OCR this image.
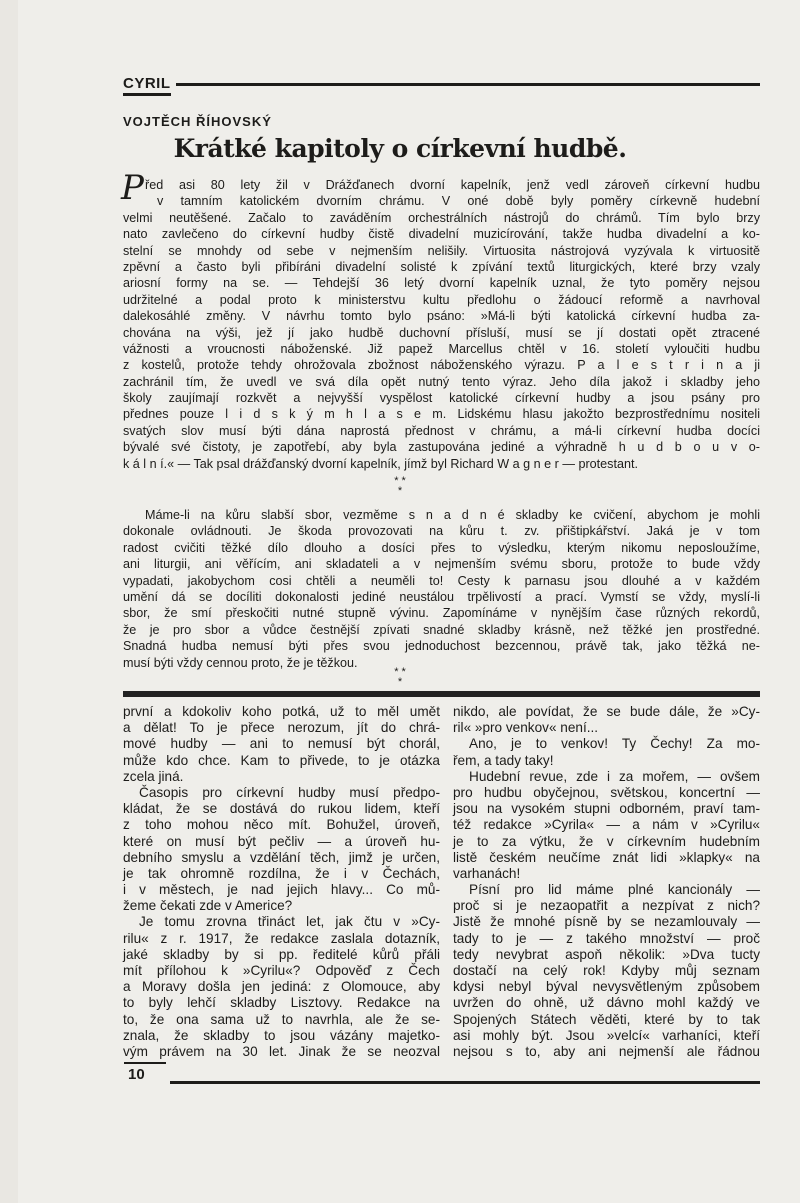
CYRIL
VOJTĚCH ŘÍHOVSKÝ
Krátké kapitoly o církevní hudbě.
P řed asi 80 lety žil v Drážďanech dvorní kapelník, jenž vedl zároveň církevní hudbu
v tamním katolickém dvorním chrámu. V oné době byly poměry církevně hudební
velmi neutěšené. Začalo to zaváděním orchestrálních nástrojů do chrámů. Tím bylo brzy
nato zavlečeno do církevní hudby čistě divadelní muzicírování, takže hudba divadelní a ko-
stelní se mnohdy od sebe v nejmenším nelišily. Virtuosita nástrojová vyzývala k virtuositě
zpěvní a často byli přibíráni divadelní solisté k zpívání textů liturgických, které brzy vzaly
ariosní formy na se. — Tehdejší 36 letý dvorní kapelník uznal, že tyto poměry nejsou
udržitelné a podal proto k ministerstvu kultu předlohu o žádoucí reformě a navrhoval
dalekosáhlé změny. V návrhu tomto bylo psáno: »Má-li býti katolická církevní hudba za-
chována na výši, jež jí jako hudbě duchovní přísluší, musí se jí dostati opět ztracené
vážnosti a vroucnosti náboženské. Již papež Marcellus chtěl v 16. století vyloučiti hudbu
z kostelů, protože tehdy ohrožovala zbožnost náboženského výrazu. P a l e s t r i n a ji
zachránil tím, že uvedl ve svá díla opět nutný tento výraz. Jeho díla jakož i skladby jeho
školy zaujímají rozkvět a nejvyšší vyspělost katolické církevní hudby a jsou psány pro
přednes pouze l i d s k ý m h l a s e m. Lidskému hlasu jakožto bezprostřednímu nositeli
svatých slov musí býti dána naprostá přednost v chrámu, a má-li církevní hudba docíci
bývalé své čistoty, je zapotřebí, aby byla zastupována jediné a výhradně h u d b o u v o-
k á l n í.« — Tak psal drážďanský dvorní kapelník, jímž byl Richard W a g n e r — protestant.
* *
*
Máme-li na kůru slabší sbor, vezměme s n a d n é skladby ke cvičení, abychom je mohli
dokonale ovládnouti. Je škoda provozovati na kůru t. zv. přištipkářství. Jaká je v tom
radost cvičiti těžké dílo dlouho a dosíci přes to výsledku, kterým nikomu neposloužíme,
ani liturgii, ani věřícím, ani skladateli a v nejmenším svému sboru, protože to bude vždy
vypadati, jakobychom cosi chtěli a neuměli to! Cesty k parnasu jsou dlouhé a v každém
umění dá se docíliti dokonalosti jediné neustálou trpělivostí a prací. Vymstí se vždy, myslí-li
sbor, že smí přeskočiti nutné stupně vývinu. Zapomínáme v nynějším čase různých rekordů,
že je pro sbor a vůdce čestnější zpívati snadné skladby krásně, než těžké jen prostředné.
Snadná hudba nemusí býti přes svou jednoduchost bezcennou, právě tak, jako těžká ne-
musí býti vždy cennou proto, že je těžkou.
* *
*
první a kdokoliv koho potká, už to měl umět
a dělat! To je přece nerozum, jít do chrá-
mové hudby — ani to nemusí být chorál,
může kdo chce. Kam to přivede, to je otázka
zcela jiná.
Časopis pro církevní hudby musí předpo-
kládat, že se dostává do rukou lidem, kteří
z toho mohou něco mít. Bohužel, úroveň,
které on musí být pečliv — a úroveň hu-
debního smyslu a vzdělání těch, jimž je určen,
je tak ohromně rozdílna, že i v Čechách,
i v městech, je nad jejich hlavy... Co mů-
žeme čekati zde v Americe?
Je tomu zrovna třináct let, jak čtu v »Cy-
rilu« z r. 1917, že redakce zaslala dotazník,
jaké skladby by si pp. ředitelé kůrů přáli
mít přílohou k »Cyrilu«? Odpověď z Čech
a Moravy došla jen jediná: z Olomouce, aby
to byly lehčí skladby Lisztovy. Redakce na
to, že ona sama už to navrhla, ale že se-
znala, že skladby to jsou vázány majetko-
vým právem na 30 let. Jinak že se neozval
nikdo, ale povídat, že se bude dále, že »Cy-
ril« »pro venkov« není...
Ano, je to venkov! Ty Čechy! Za mo-
řem, a tady taky!
Hudební revue, zde i za mořem, — ovšem
pro hudbu obyčejnou, světskou, koncertní —
jsou na vysokém stupni odborném, praví tam-
též redakce »Cyrila« — a nám v »Cyrilu«
je to za výtku, že v církevním hudebním
listě českém neučíme znát lidi »klapky« na
varhanách!
Písní pro lid máme plné kancionály —
proč si je nezaopatřit a nezpívat z nich?
Jistě že mnohé písně by se nezamlouvaly —
tady to je — z takého množství — proč
tedy nevybrat aspoň několik: »Dva tucty
dostačí na celý rok! Kdyby můj seznam
kdysi nebyl býval nevysvětleným způsobem
uvržen do ohně, už dávno mohl každý ve
Spojených Státech věděti, které by to tak
asi mohly být. Jsou »velcí« varhaníci, kteří
nejsou s to, aby ani nejmenší ale řádnou
10
